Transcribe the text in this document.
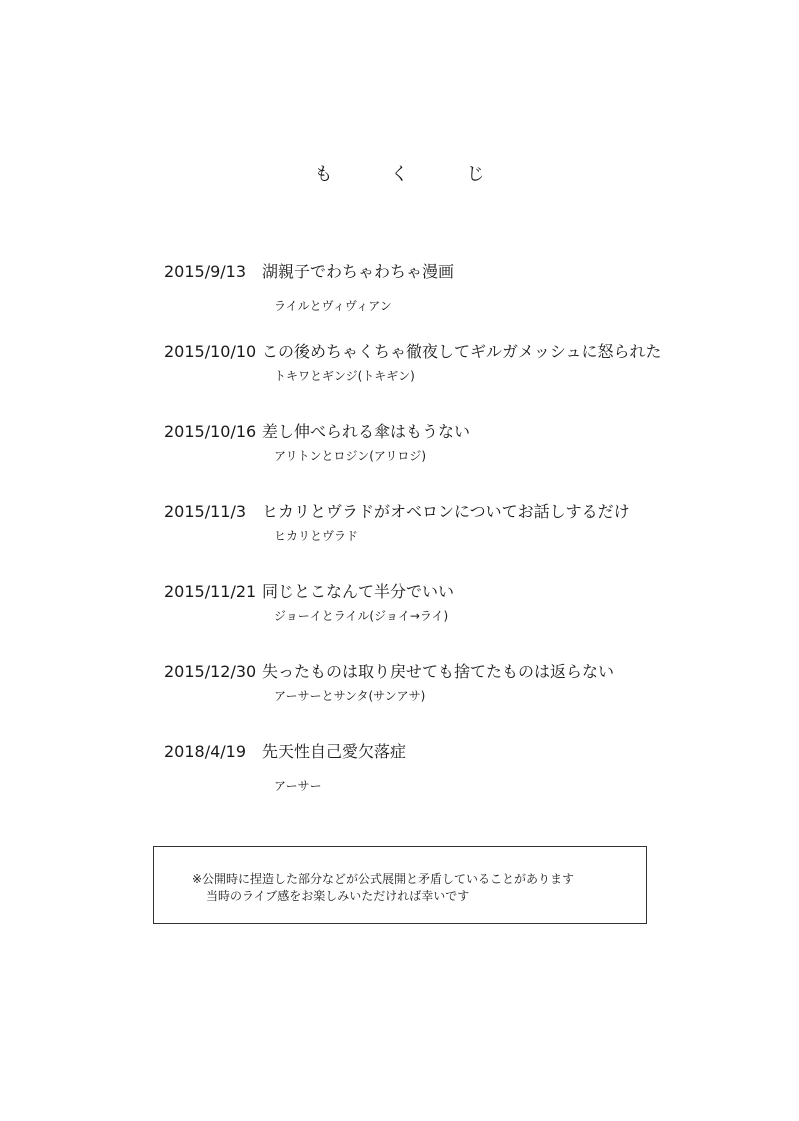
も　く　じ
2015/9/13 湖親子でわちゃわちゃ漫画
ライルとヴィヴィアン
2015/10/10 この後めちゃくちゃ徹夜してギルガメッシュに怒られた
トキワとギンジ(トキギン)
2015/10/16 差し伸べられる傘はもうない
アリトンとロジン(アリロジ)
2015/11/3 ヒカリとヴラドがオベロンについてお話しするだけ
ヒカリとヴラド
2015/11/21 同じとこなんて半分でいい
ジョーイとライル(ジョイ→ライ)
2015/12/30 失ったものは取り戻せても捨てたものは返らない
アーサーとサンタ(サンアサ)
2018/4/19 先天性自己愛欠落症
アーサー
※公開時に捏造した部分などが公式展開と矛盾していることがあります
当時のライブ感をお楽しみいただければ幸いです
